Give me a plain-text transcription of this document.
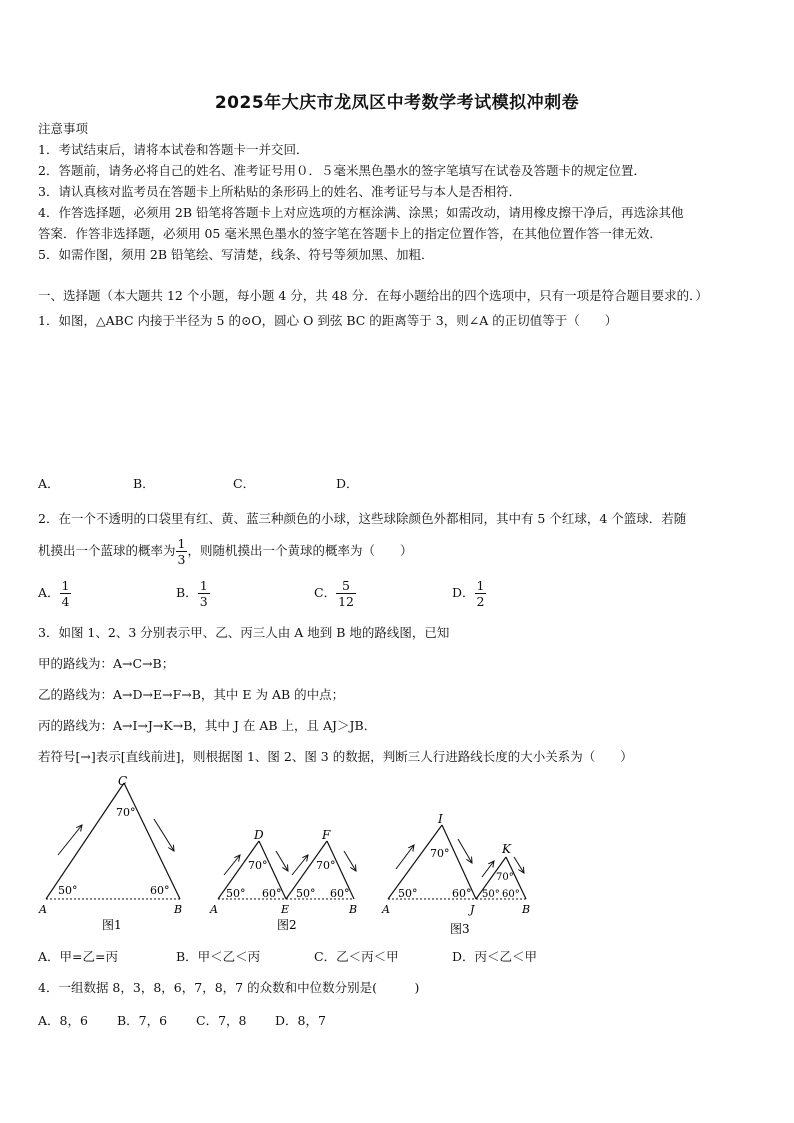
2025年大庆市龙凤区中考数学考试模拟冲刺卷
注意事项
1．考试结束后，请将本试卷和答题卡一并交回．
2．答题前，请务必将自己的姓名、准考证号用０．５毫米黑色墨水的签字笔填写在试卷及答题卡的规定位置．
3．请认真核对监考员在答题卡上所粘贴的条形码上的姓名、准考证号与本人是否相符．
4．作答选择题，必须用 2B 铅笔将答题卡上对应选项的方框涂满、涂黑；如需改动，请用橡皮擦干净后，再选涂其他
答案．作答非选择题，必须用 05 毫米黑色墨水的签字笔在答题卡上的指定位置作答，在其他位置作答一律无效．
5．如需作图，须用 2B 铅笔绘、写清楚，线条、符号等须加黑、加粗．
一、选择题（本大题共 12 个小题，每小题 4 分，共 48 分．在每小题给出的四个选项中，只有一项是符合题目要求的．）
1．如图，△ABC 内接于半径为 5 的⊙O，圆心 O 到弦 BC 的距离等于 3，则∠A 的正切值等于（　　）
A．	B．	C．	D．
2．在一个不透明的口袋里有红、黄、蓝三种颜色的小球，这些球除颜色外都相同，其中有 5 个红球，4 个篮球．若随
机摸出一个蓝球的概率为 $\frac{1}{3}$ ，则随机摸出一个黄球的概率为（　　）
A． $\frac{1}{4}$	B． $\frac{1}{3}$	C． $\frac{5}{12}$	D． $\frac{1}{2}$
3．如图 1、2、3 分别表示甲、乙、丙三人由 A 地到 B 地的路线图，已知
甲的路线为：A→C→B；
乙的路线为：A→D→E→F→B，其中 E 为 AB 的中点；
丙的路线为：A→I→J→K→B，其中 J 在 AB 上，且 AJ＞JB．
若符号[→]表示[直线前进]，则根据图 1、图 2、图 3 的数据，判断三人行进路线长度的大小关系为（　　）
C
70°
50°	60°
A	B
图1
D	F
70°	70°
50° 60° 50° 60°
A	E	B
图2
I
K
70°
70°
50°	60° 50° 60°
A	J	B
图3
A．甲=乙=丙	B．甲＜乙＜丙	C．乙＜丙＜甲	D．丙＜乙＜甲
4．一组数据 8，3，8，6，7，8，7 的众数和中位数分别是(　　　)
A．8，6 B．7，6 C．7，8 D．8，7
